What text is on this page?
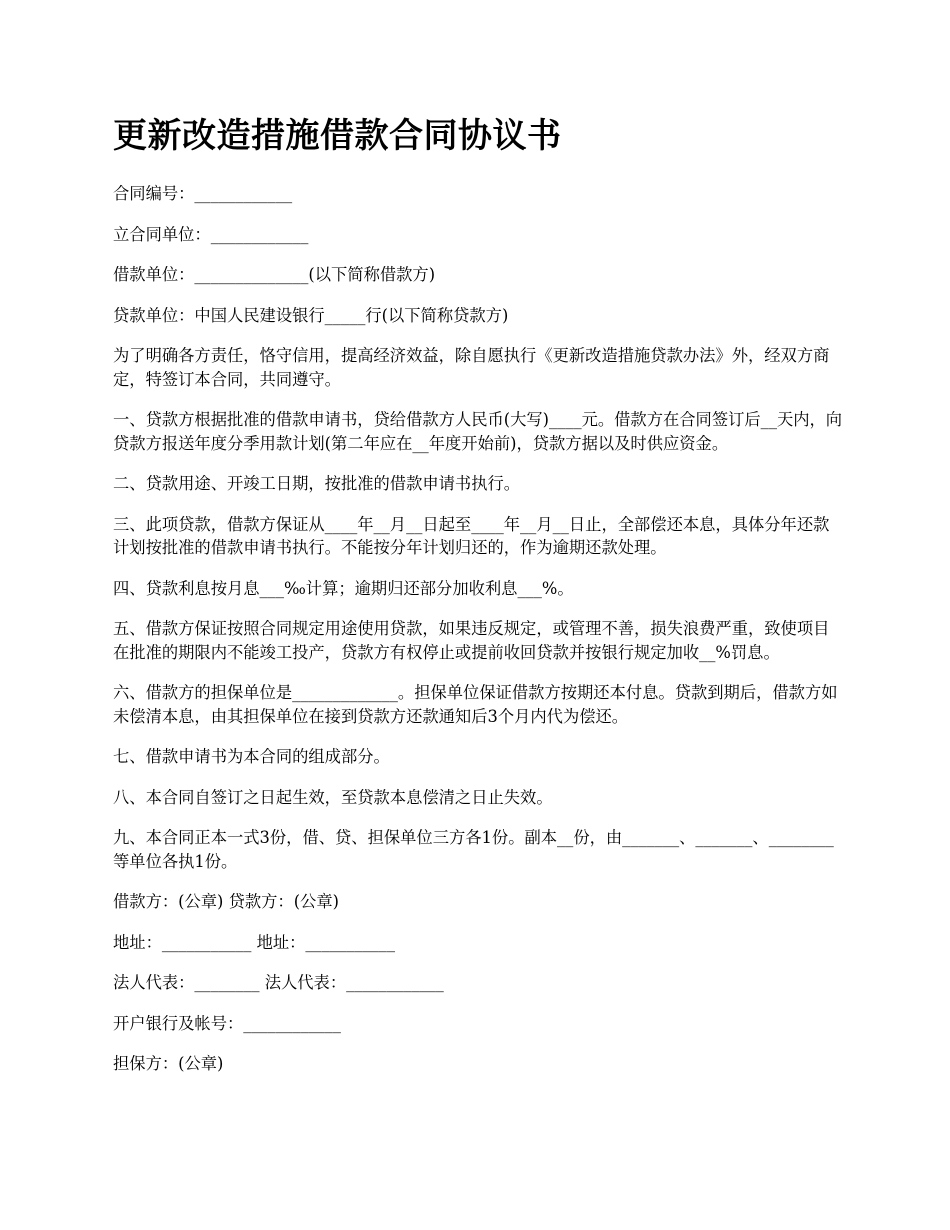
更新改造措施借款合同协议书

合同编号：____________

立合同单位：____________

借款单位：______________(以下简称借款方)

贷款单位：中国人民建设银行_____行(以下简称贷款方)

为了明确各方责任，恪守信用，提高经济效益，除自愿执行《更新改造措施贷款办法》外，经双方商定，特签订本合同，共同遵守。

一、贷款方根据批准的借款申请书，贷给借款方人民币(大写)____元。借款方在合同签订后__天内，向贷款方报送年度分季用款计划(第二年应在__年度开始前)，贷款方据以及时供应资金。

二、贷款用途、开竣工日期，按批准的借款申请书执行。

三、此项贷款，借款方保证从____年__月__日起至____年__月__日止，全部偿还本息，具体分年还款计划按批准的借款申请书执行。不能按分年计划归还的，作为逾期还款处理。

四、贷款利息按月息___‰计算；逾期归还部分加收利息___%。

五、借款方保证按照合同规定用途使用贷款，如果违反规定，或管理不善，损失浪费严重，致使项目在批准的期限内不能竣工投产，贷款方有权停止或提前收回贷款并按银行规定加收__%罚息。

六、借款方的担保单位是_____________。担保单位保证借款方按期还本付息。贷款到期后，借款方如未偿清本息，由其担保单位在接到贷款方还款通知后3个月内代为偿还。

七、借款申请书为本合同的组成部分。

八、本合同自签订之日起生效，至贷款本息偿清之日止失效。

九、本合同正本一式3份，借、贷、担保单位三方各1份。副本__份，由_______、_______、________等单位各执1份。

借款方：(公章) 贷款方：(公章)

地址：___________ 地址：___________

法人代表：________ 法人代表：____________

开户银行及帐号：____________

担保方：(公章)
